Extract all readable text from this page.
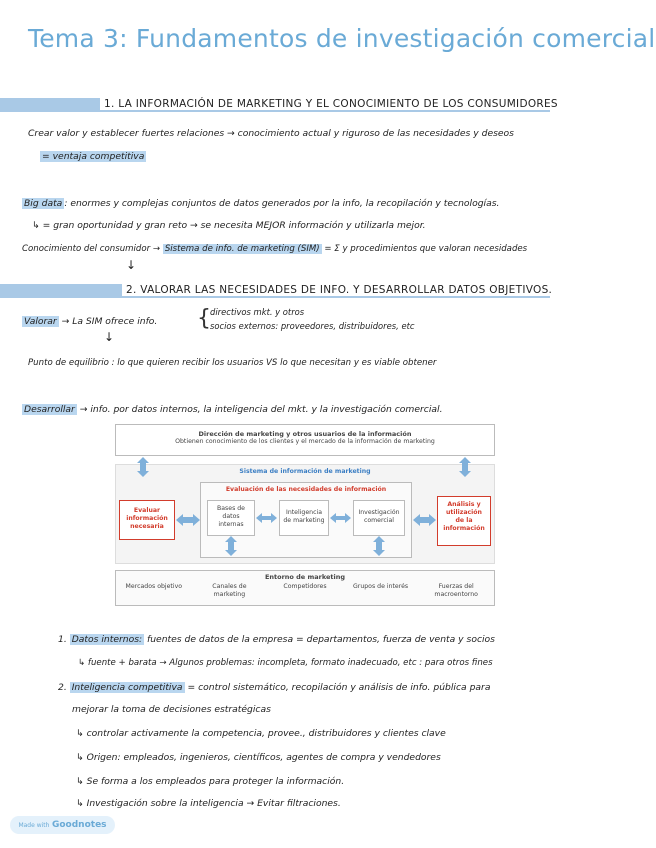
Tema 3: Fundamentos de investigación comercial
1. LA INFORMACIÓN DE MARKETING Y EL CONOCIMIENTO DE LOS CONSUMIDORES
Crear valor y establecer fuertes relaciones → conocimiento actual y riguroso de las necesidades y deseos
= ventaja competitiva
Big data : enormes y complejas conjuntos de datos generados por la info, la recopilación y tecnologías.
↳ = gran oportunidad y gran reto → se necesita MEJOR información y utilizarla mejor.
Conocimiento del consumidor → Sistema de info. de marketing (SIM) = Σ y procedimientos que valoran necesidades
↓
2. VALORAR LAS NECESIDADES DE INFO. Y DESARROLLAR DATOS OBJETIVOS.
Valorar → La SIM ofrece info. { directivos mkt. y otros
socios externos: proveedores, distribuidores, etc
↓
Punto de equilibrio : lo que quieren recibir los usuarios VS lo que necesitan y es viable obtener
Desarrollar → info. por datos internos, la inteligencia del mkt. y la investigación comercial.
Dirección de marketing y otros usuarios de la información
Obtienen conocimiento de los clientes y el mercado de la información de marketing
Sistema de información de marketing
Evaluación de las necesidades de información
Evaluar información necesaria
Análisis y utilización de la información
Bases de datos internas
Inteligencia de marketing
Investigación comercial
Entorno de marketing
Mercados objetivo	Canales de marketing
Competidores	Grupos de interés	Fuerzas del macroentorno
1. Datos internos: fuentes de datos de la empresa = departamentos, fuerza de venta y socios
↳ fuente + barata → Algunos problemas: incompleta, formato inadecuado, etc : para otros fines
2. Inteligencia competitiva = control sistemático, recopilación y análisis de info. pública para
mejorar la toma de decisiones estratégicas
↳ controlar activamente la competencia, provee., distribuidores y clientes clave
↳ Origen: empleados, ingenieros, científicos, agentes de compra y vendedores
↳ Se forma a los empleados para proteger la información.
↳ Investigación sobre la inteligencia → Evitar filtraciones.
Made with Goodnotes
